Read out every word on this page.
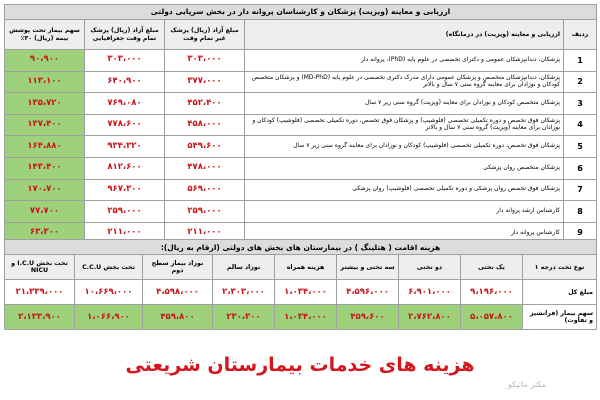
ارزیابی و معاینه (ویزیت) پزشکان و کارشناسان پروانه دار در بخش سرپایی دولتی				
ردیف	ارزیابی و معاینه (ویزیت) در درمانگاه)	مبلغ آزاد (ریال) پزشک غیر تمام وقت	مبلغ آزاد (ریال) پزشک تمام وقت جغرافیایی	سهم بیمار تحت پوشش بیمه (ریال) ۳۰٪
1	پزشکان، دندانپزشکان عمومی و دکترای تخصصی در علوم پایه (PhD)، پروانه دار	۳۰۳،۰۰۰	۳۰۳،۰۰۰	۹۰،۹۰۰
2	پزشکان، دندانپزشکان متخصص و پزشکان عمومی دارای مدرک دکتری تخصصی در علوم پایه (MD-PhD) و پزشکان متخصص کودکان و نوزادان برای معاینه گروه سنی ۷ سال و بالاتر	۳۷۷،۰۰۰	۶۴۰،۹۰۰	۱۱۳،۱۰۰
3	پزشکان متخصص کودکان و نوزادان برای معاینه (ویزیت) گروه سنی زیر ۷ سال	۴۵۲،۴۰۰	۷۶۹،۰۸۰	۱۳۵،۷۲۰
4	پزشکان فوق تخصص و دوره تکمیلی تخصصی (فلوشیپ) و پزشکان فوق تخصص، دوره تکمیلی تخصصی (فلوشیپ) کودکان و نوزادان برای معاینه (ویزیت) گروه سنی ۷ سال و بالاتر	۴۵۸،۰۰۰	۷۷۸،۶۰۰	۱۳۷،۴۰۰
5	پزشکان فوق تخصص، دوره تکمیلی تخصصی (فلوشیپ) کودکان و نوزادان برای معاینه گروه سنی زیر ۷ سال	۵۴۹،۶۰۰	۹۳۴،۳۲۰	۱۶۴،۸۸۰
6	پزشکان متخصص روان پزشکی	۴۷۸،۰۰۰	۸۱۲،۶۰۰	۱۴۳،۴۰۰
7	پزشکان فوق تخصص روان پزشکی و دوره تکمیلی تخصصی (فلوشیپ) روان پزشکی	۵۶۹،۰۰۰	۹۶۷،۳۰۰	۱۷۰،۷۰۰
8	کارشناس ارشد پروانه دار	۲۵۹،۰۰۰	۲۵۹،۰۰۰	۷۷،۷۰۰
9	کارشناس پروانه دار	۲۱۱،۰۰۰	۲۱۱،۰۰۰	۶۳،۳۰۰
هزینه اقامت ( هتلینگ ) در بیمارستان های بخش های دولتی (ارقام به ریال):								
نوع تخت درجه ۱	یک تختی	دو تختی	سه تختی و بیشتر	هزینه همراه	نوزاد سالم	نوزاد بیمار سطح دوم	تخت بخش C.C.U	تخت بخش I.C.U و NICU
مبلغ کل	۹،۱۹۶،۰۰۰	۶،۹۰۱،۰۰۰	۴،۵۹۶،۰۰۰	۱،۰۳۴،۰۰۰	۲،۳۰۳،۰۰۰	۴،۵۹۸،۰۰۰	۱۰،۶۶۹،۰۰۰	۲۱،۳۳۹،۰۰۰
سهم بیمار (فرانشیز و تفاوت)	۵،۰۵۷،۸۰۰	۲،۷۶۲،۸۰۰	۴۵۹،۶۰۰	۱،۰۳۴،۰۰۰	۲۳۰،۳۰۰	۴۵۹،۸۰۰	۱،۰۶۶،۹۰۰	۲،۱۳۳،۹۰۰
هزینه های خدمات بیمارستان شریعتی
مکثر ماتیکو
